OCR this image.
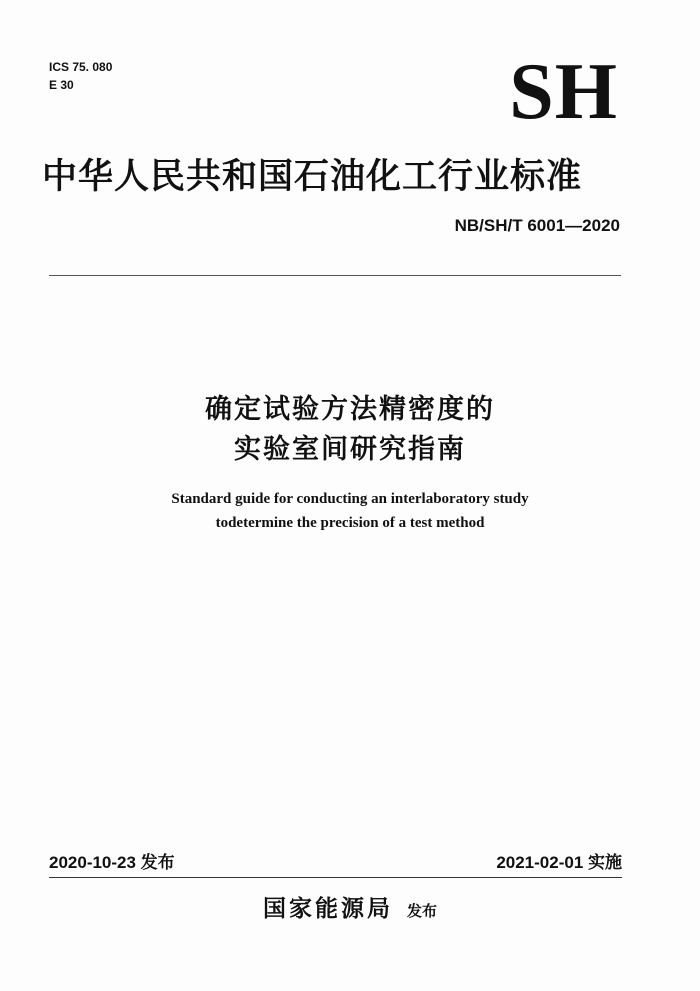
ICS 75. 080
E 30	SH
中华人民共和国石油化工行业标准
NB/SH/T 6001—2020
确定试验方法精密度的
实验室间研究指南
Standard guide for conducting an interlaboratory study
todetermine the precision of a test method
2020-10-23 发布	2021-02-01 实施
国家能源局 发布
